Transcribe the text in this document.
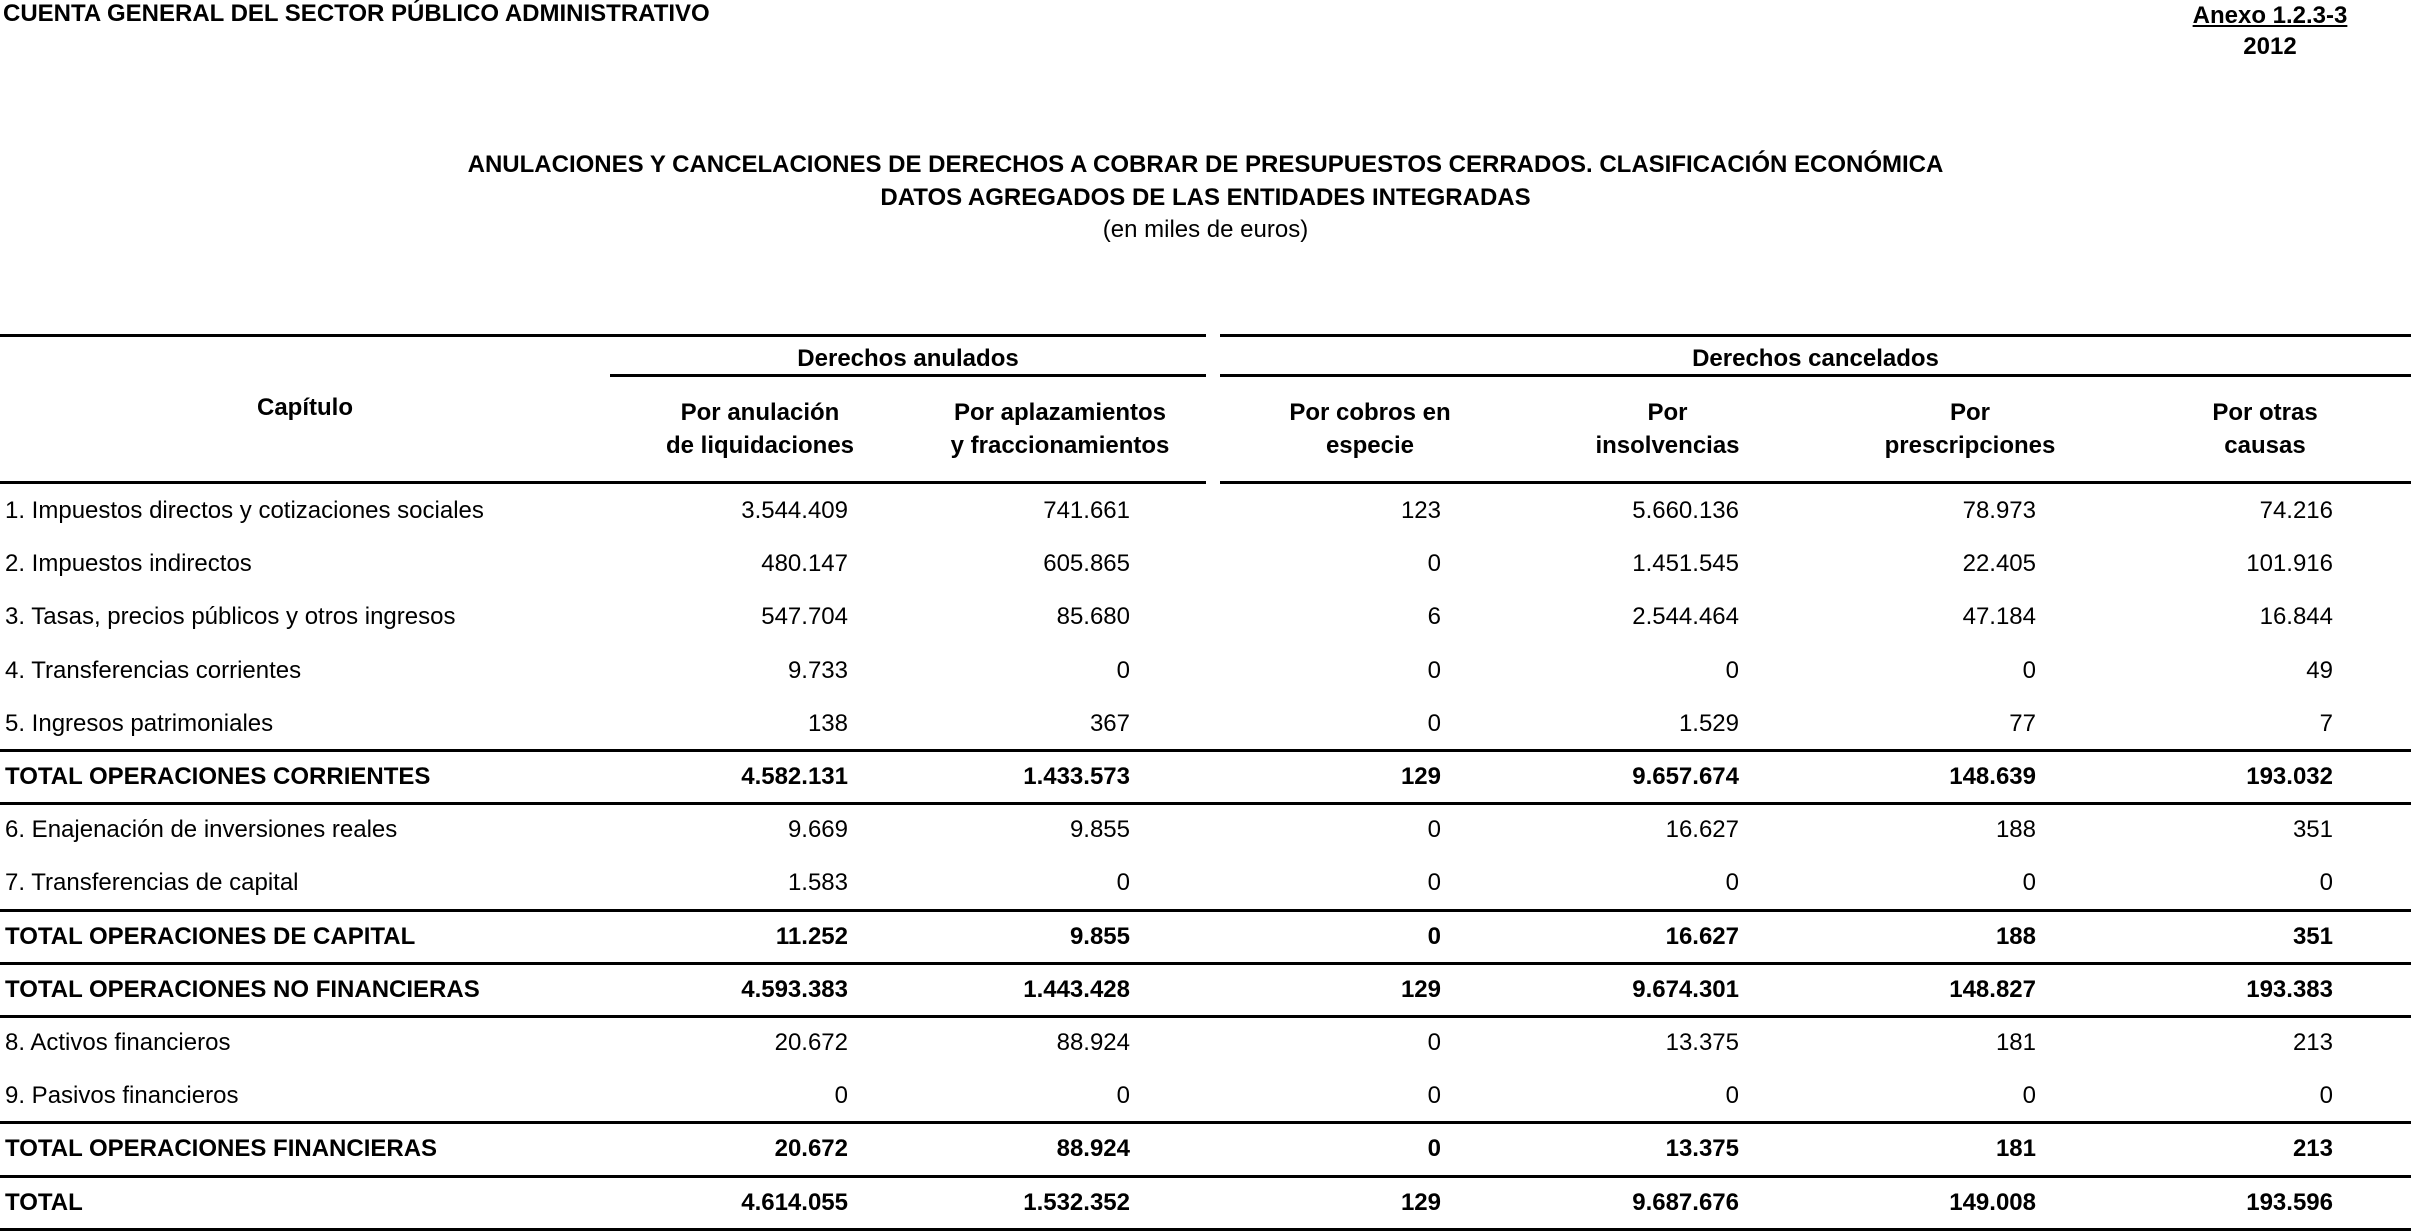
CUENTA GENERAL DEL SECTOR PÚBLICO ADMINISTRATIVO	Anexo 1.2.3-3
2012
ANULACIONES Y CANCELACIONES DE DERECHOS A COBRAR DE PRESUPUESTOS CERRADOS. CLASIFICACIÓN ECONÓMICA
DATOS AGREGADOS DE LAS ENTIDADES INTEGRADAS
(en miles de euros)
Capítulo
Derechos anulados	Derechos cancelados
Por anulación
de liquidaciones
Por aplazamientos
y fraccionamientos
Por cobros en
especie
Por
insolvencias
Por
prescripciones
Por otras
causas
1. Impuestos directos y cotizaciones sociales	3.544.409	741.661	123	5.660.136	78.973	74.216
2. Impuestos indirectos	480.147	605.865	0	1.451.545	22.405	101.916
3. Tasas, precios públicos y otros ingresos	547.704	85.680	6	2.544.464	47.184	16.844
4. Transferencias corrientes	9.733	0	0	0	0	49
5. Ingresos patrimoniales	138	367	0	1.529	77	7
TOTAL OPERACIONES CORRIENTES	4.582.131	1.433.573	129	9.657.674	148.639	193.032
6. Enajenación de inversiones reales	9.669	9.855	0	16.627	188	351
7. Transferencias de capital	1.583	0	0	0	0	0
TOTAL OPERACIONES DE CAPITAL	11.252	9.855	0	16.627	188	351
TOTAL OPERACIONES NO FINANCIERAS	4.593.383	1.443.428	129	9.674.301	148.827	193.383
8. Activos financieros	20.672	88.924	0	13.375	181	213
9. Pasivos financieros	0	0	0	0	0	0
TOTAL OPERACIONES FINANCIERAS	20.672	88.924	0	13.375	181	213
TOTAL	4.614.055	1.532.352	129	9.687.676	149.008	193.596
